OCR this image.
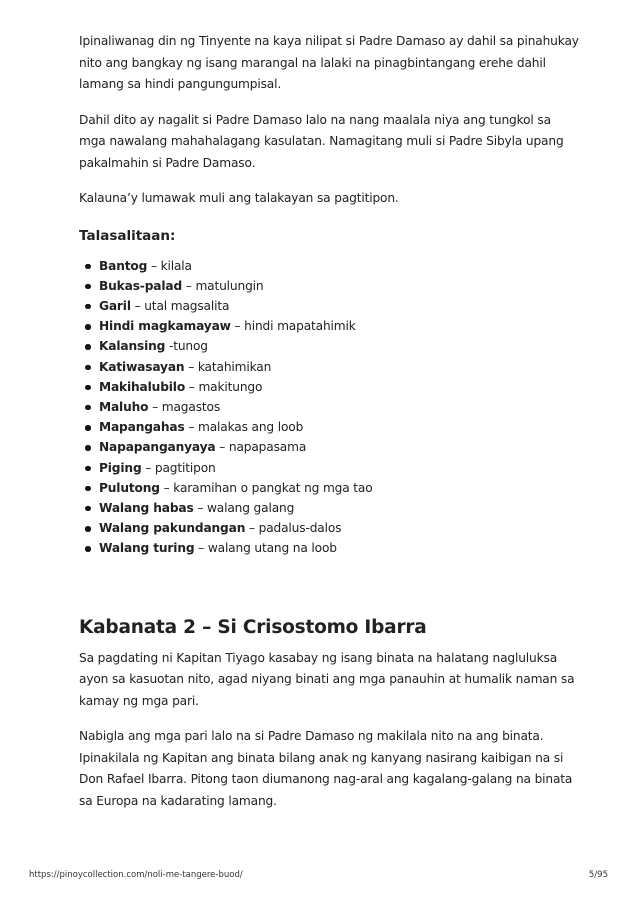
Ipinaliwanag din ng Tinyente na kaya nilipat si Padre Damaso ay dahil sa pinahukay nito ang bangkay ng isang marangal na lalaki na pinagbintangang erehe dahil lamang sa hindi pangungumpisal.

Dahil dito ay nagalit si Padre Damaso lalo na nang maalala niya ang tungkol sa mga nawalang mahahalagang kasulatan. Namagitang muli si Padre Sibyla upang pakalmahin si Padre Damaso.

Kalauna’y lumawak muli ang talakayan sa pagtitipon.

Talasalitaan:
Bantog – kilala
Bukas-palad – matulungin
Garil – utal magsalita
Hindi magkamayaw – hindi mapatahimik
Kalansing -tunog
Katiwasayan – katahimikan
Makihalubilo – makitungo
Maluho – magastos
Mapangahas – malakas ang loob
Napapanganyaya – napapasama
Piging – pagtitipon
Pulutong – karamihan o pangkat ng mga tao
Walang habas – walang galang
Walang pakundangan – padalus-dalos
Walang turing – walang utang na loob
Kabanata 2 – Si Crisostomo Ibarra

Sa pagdating ni Kapitan Tiyago kasabay ng isang binata na halatang nagluluksa ayon sa kasuotan nito, agad niyang binati ang mga panauhin at humalik naman sa kamay ng mga pari.

Nabigla ang mga pari lalo na si Padre Damaso ng makilala nito na ang binata. Ipinakilala ng Kapitan ang binata bilang anak ng kanyang nasirang kaibigan na si Don Rafael Ibarra. Pitong taon diumanong nag-aral ang kagalang-galang na binata sa Europa na kadarating lamang.

https://pinoycollection.com/noli-me-tangere-buod/	5/95
